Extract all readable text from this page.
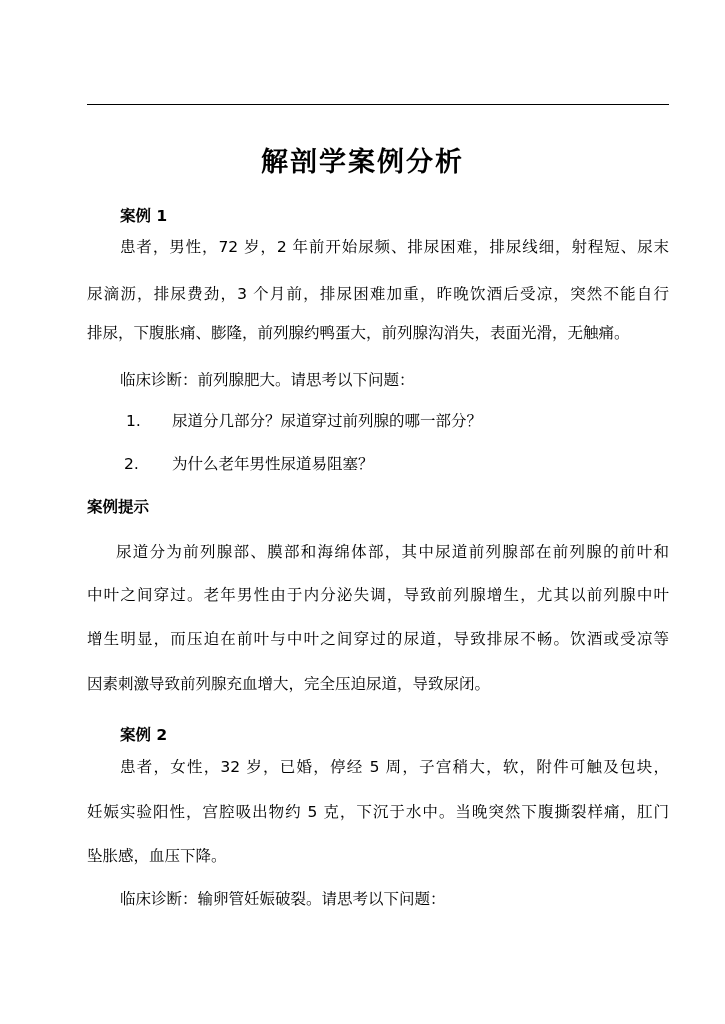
解剖学案例分析
案例 1
患者，男性，72 岁，2 年前开始尿频、排尿困难，排尿线细，射程短、尿末
尿滴沥，排尿费劲，3 个月前，排尿困难加重，昨晚饮酒后受凉，突然不能自行
排尿，下腹胀痛、膨隆，前列腺约鸭蛋大，前列腺沟消失，表面光滑，无触痛。
临床诊断：前列腺肥大。请思考以下问题：
1. 尿道分几部分？尿道穿过前列腺的哪一部分？
2. 为什么老年男性尿道易阻塞？
案例提示
尿道分为前列腺部、膜部和海绵体部，其中尿道前列腺部在前列腺的前叶和
中叶之间穿过。老年男性由于内分泌失调，导致前列腺增生，尤其以前列腺中叶
增生明显，而压迫在前叶与中叶之间穿过的尿道，导致排尿不畅。饮酒或受凉等
因素刺激导致前列腺充血增大，完全压迫尿道，导致尿闭。
案例 2
患者，女性，32 岁，已婚，停经 5 周，子宫稍大，软，附件可触及包块，
妊娠实验阳性，宫腔吸出物约 5 克，下沉于水中。当晚突然下腹撕裂样痛，肛门
坠胀感，血压下降。
临床诊断：输卵管妊娠破裂。请思考以下问题：
